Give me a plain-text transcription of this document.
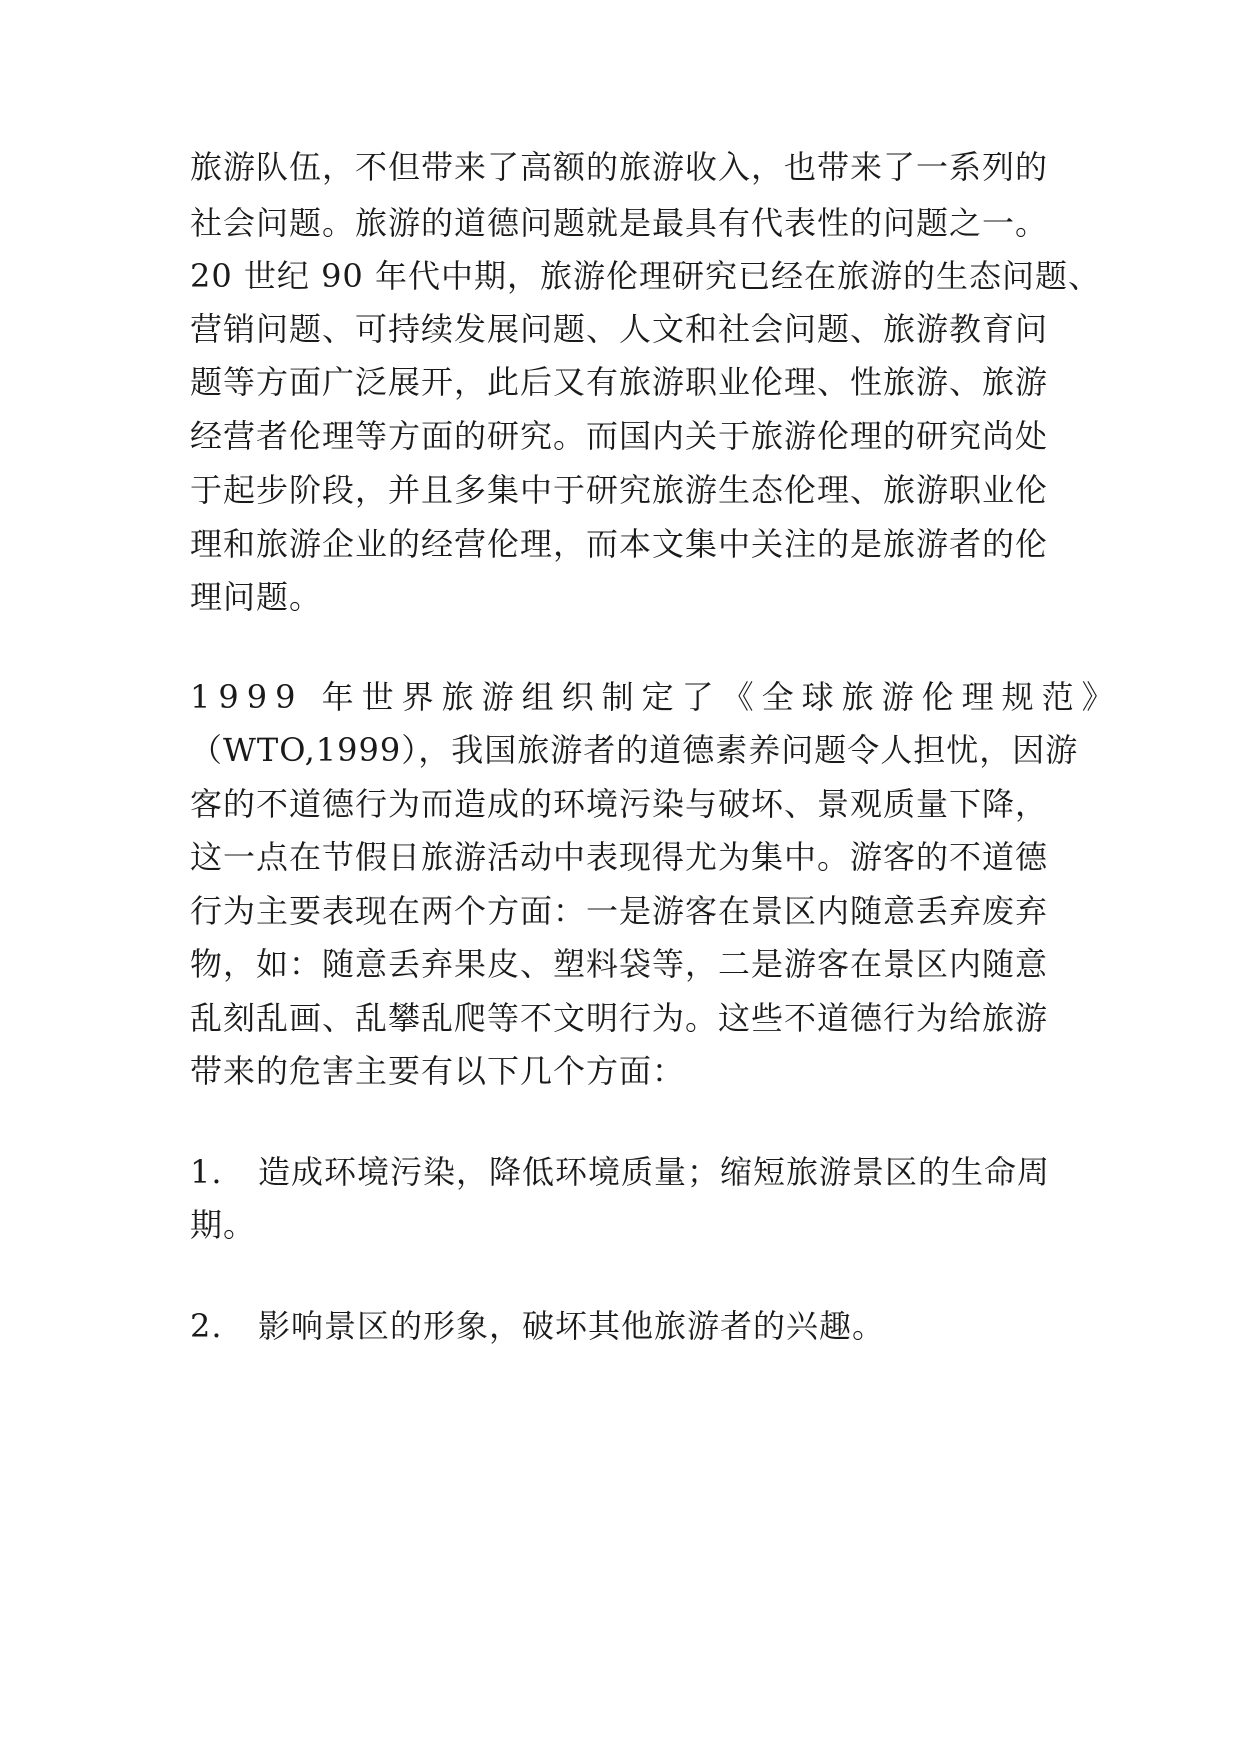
旅游队伍，不但带来了高额的旅游收入，也带来了一系列的
社会问题。旅游的道德问题就是最具有代表性的问题之一。
20 世纪 90 年代中期，旅游伦理研究已经在旅游的生态问题、
营销问题、可持续发展问题、人文和社会问题、旅游教育问
题等方面广泛展开，此后又有旅游职业伦理、性旅游、旅游
经营者伦理等方面的研究。而国内关于旅游伦理的研究尚处
于起步阶段，并且多集中于研究旅游生态伦理、旅游职业伦
理和旅游企业的经营伦理，而本文集中关注的是旅游者的伦
理问题。
1999 年世界旅游组织制定了《全球旅游伦理规范》
（WTO,1999），我国旅游者的道德素养问题令人担忧，因游
客的不道德行为而造成的环境污染与破坏、景观质量下降，
这一点在节假日旅游活动中表现得尤为集中。游客的不道德
行为主要表现在两个方面：一是游客在景区内随意丢弃废弃
物，如：随意丢弃果皮、塑料袋等，二是游客在景区内随意
乱刻乱画、乱攀乱爬等不文明行为。这些不道德行为给旅游
带来的危害主要有以下几个方面：
1. 造成环境污染，降低环境质量；缩短旅游景区的生命周
期。
2. 影响景区的形象，破坏其他旅游者的兴趣。
